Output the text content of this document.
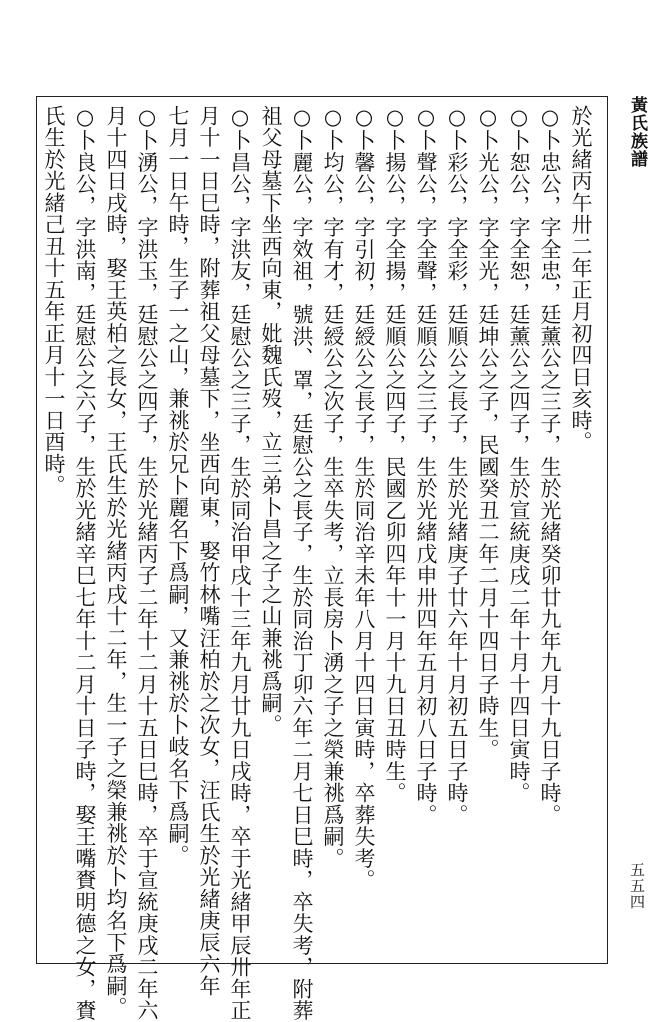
黃氏族譜
於光緒丙午卅二年正月初四日亥時。
○卜忠公，字全忠，廷薰公之三子，生於光緒癸卯廿九年九月十九日子時。
○卜恕公，字全恕，廷薰公之四子，生於宣統庚戌二年十月十四日寅時。
○卜光公，字全光，廷坤公之子，民國癸丑二年二月十四日子時生。
○卜彩公，字全彩，廷順公之長子，生於光緒庚子廿六年十月初五日子時。
○卜聲公，字全聲，廷順公之三子，生於光緒戊申卅四年五月初八日子時。
○卜揚公，字全揚，廷順公之四子，民國乙卯四年十一月十九日丑時生。
○卜馨公，字引初，廷綬公之長子，生於同治辛未年八月十四日寅時，卒葬失考。
○卜均公，字有才，廷綬公之次子，生卒失考，立長房卜湧之子之榮兼祧爲嗣。
○卜麗公，字效祖，號洪、罩，廷慰公之長子，生於同治丁卯六年二月七日巳時，卒失考，附葬
祖父母墓下坐西向東，妣魏氏歿，立三弟卜昌之子之山兼祧爲嗣。
○卜昌公，字洪友，廷慰公之三子，生於同治甲戌十三年九月廿九日戌時，卒于光緒甲辰卅年正
月十一日巳時，附葬祖父母墓下，坐西向東，娶竹林嘴汪柏於之次女，汪氏生於光緒庚辰六年
七月一日午時，生子一之山，兼祧於兄卜麗名下爲嗣，又兼祧於卜岐名下爲嗣。
○卜湧公，字洪玉，廷慰公之四子，生於光緒丙子二年十二月十五日巳時，卒于宣統庚戌二年六
月十四日戌時，娶王英柏之長女，王氏生於光緒丙戌十二年，生一子之榮兼祧於卜均名下爲嗣。
○卜良公，字洪南，廷慰公之六子，生於光緒辛巳七年十二月十日子時，娶王嘴賚明德之女，賚
氏生於光緒己丑十五年正月十一日酉時。
五五四
